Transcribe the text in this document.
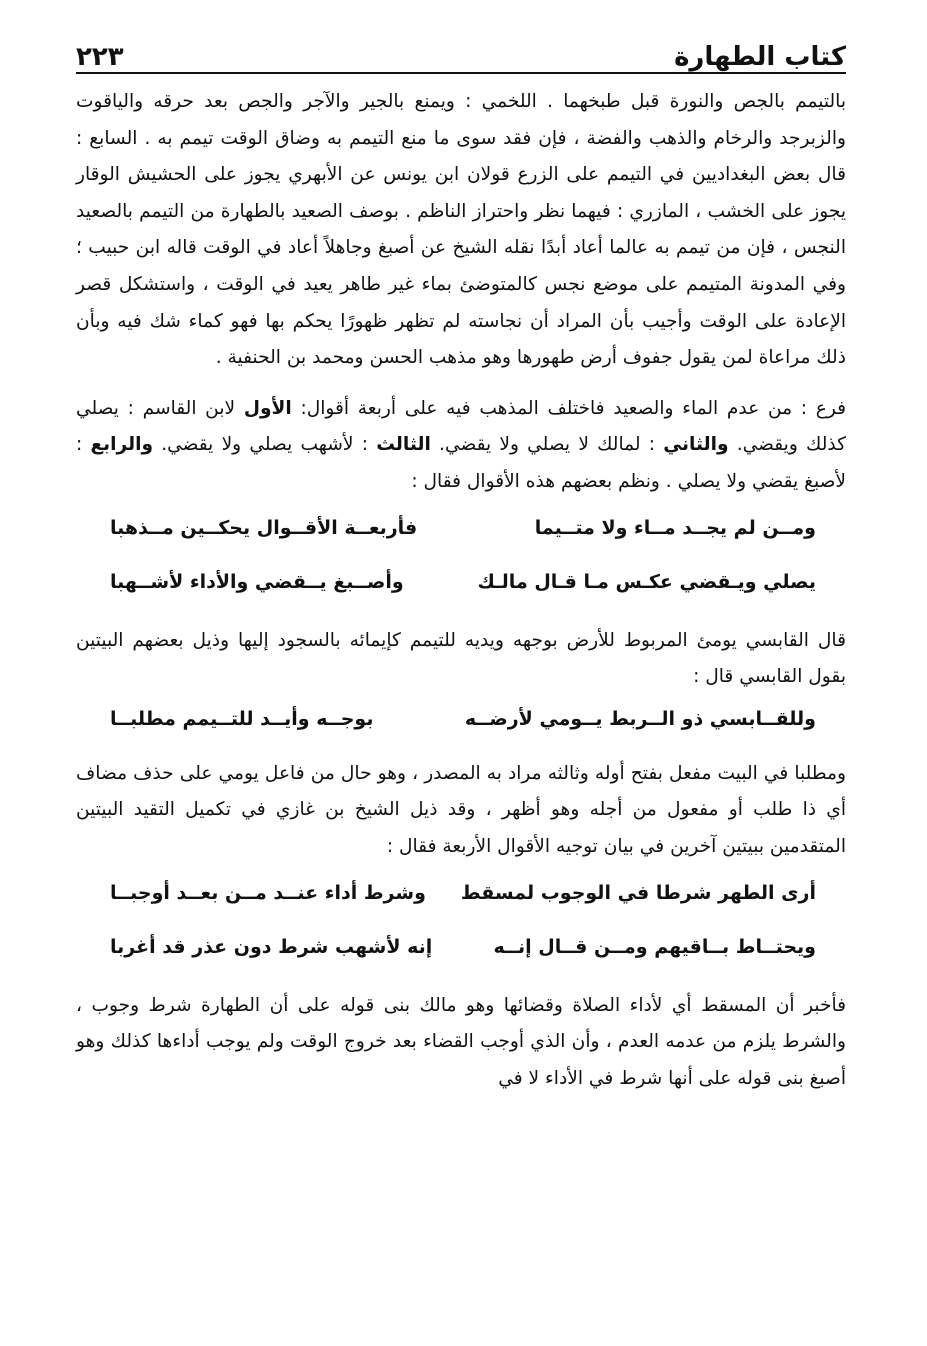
كتاب الطهارة
٢٢٣

بالتيمم بالجص والنورة قبل طبخهما . اللخمي : ويمنع بالجير والآجر والجص بعد حرقه والياقوت والزبرجد والرخام والذهب والفضة ، فإن فقد سوى ما منع التيمم به وضاق الوقت تيمم به . السابع : قال بعض البغداديين في التيمم على الزرع قولان ابن يونس عن الأبهري يجوز على الحشيش الوقار يجوز على الخشب ، المازري : فيهما نظر واحتراز الناظم . بوصف الصعيد بالطهارة من التيمم بالصعيد النجس ، فإن من تيمم به عالما أعاد أبدًا نقله الشيخ عن أصبغ وجاهلاً أعاد في الوقت قاله ابن حبيب ؛ وفي المدونة المتيمم على موضع نجس كالمتوضئ بماء غير طاهر يعيد في الوقت ، واستشكل قصر الإعادة على الوقت وأجيب بأن المراد أن نجاسته لم تظهر ظهورًا يحكم بها فهو كماء شك فيه وبأن ذلك مراعاة لمن يقول جفوف أرض طهورها وهو مذهب الحسن ومحمد بن الحنفية .

فرع : من عدم الماء والصعيد فاختلف المذهب فيه على أربعة أقوال: الأول لابن القاسم : يصلي كذلك ويقضي. والثاني : لمالك لا يصلي ولا يقضي. الثالث : لأشهب يصلي ولا يقضي. والرابع : لأصبغ يقضي ولا يصلي . ونظم بعضهم هذه الأقوال فقال :

ومــن لم يجــد مــاء ولا متــيما
فأربعــة الأقــوال يحكــين مــذهبا
يصلي ويـقضي عكـس مـا قـال مالـك
وأصــبغ يــقضي والأداء لأشــهبا

قال القابسي يومئ المربوط للأرض بوجهه ويديه للتيمم كإيمائه بالسجود إليها وذيل بعضهم البيتين بقول القابسي قال :

وللقــابسي ذو الــربط يــومي لأرضــه
بوجــه وأيــد للتــيمم مطلبــا

ومطلبا في البيت مفعل بفتح أوله وثالثه مراد به المصدر ، وهو حال من فاعل يومي على حذف مضاف أي ذا طلب أو مفعول من أجله وهو أظهر ، وقد ذيل الشيخ بن غازي في تكميل التقيد البيتين المتقدمين ببيتين آخرين في بيان توجيه الأقوال الأربعة فقال :

أرى الطهر شرطا في الوجوب لمسقط
وشرط أداء عنــد مــن بعــد أوجبــا
ويحتــاط بــاقيهم ومــن قــال إنــه
إنه لأشهب شرط دون عذر قد أغربا

فأخبر أن المسقط أي لأداء الصلاة وقضائها وهو مالك بنى قوله على أن الطهارة شرط وجوب ، والشرط يلزم من عدمه العدم ، وأن الذي أوجب القضاء بعد خروج الوقت ولم يوجب أداءها كذلك وهو أصبغ بنى قوله على أنها شرط في الأداء لا في
